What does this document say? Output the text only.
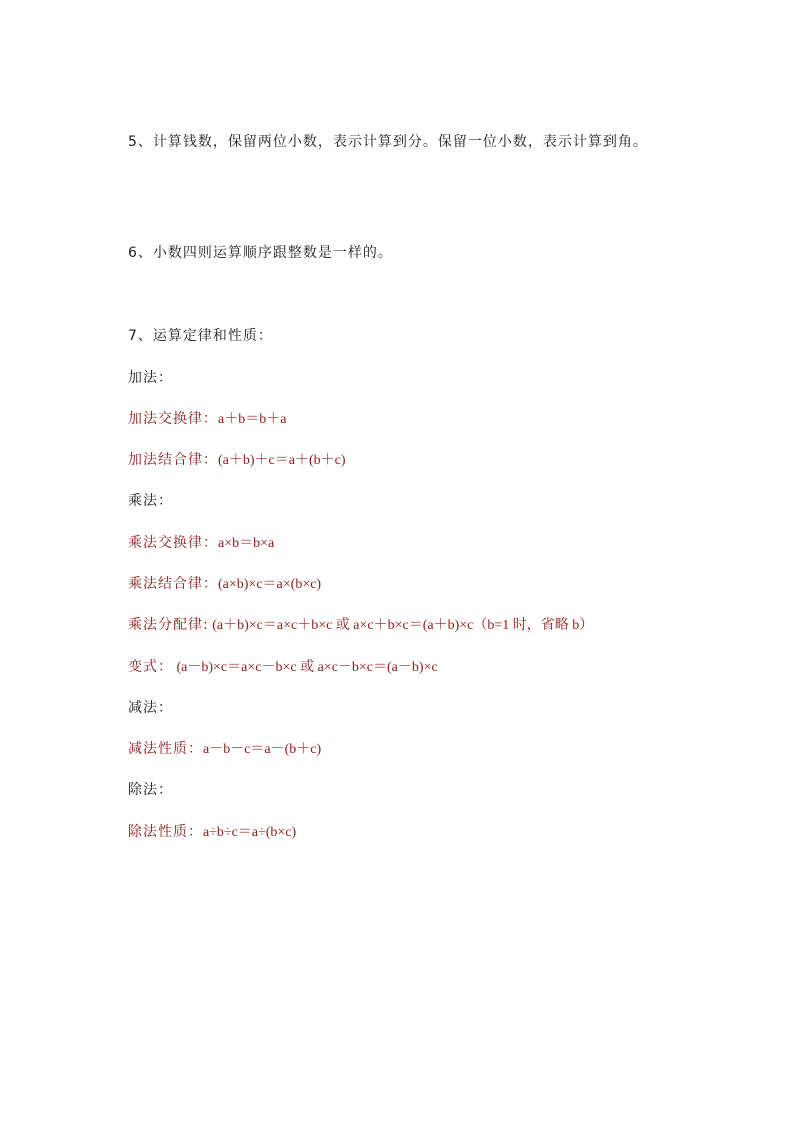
5、计算钱数，保留两位小数，表示计算到分。保留一位小数，表示计算到角。
6、小数四则运算顺序跟整数是一样的。
7、运算定律和性质：
加法：
加法交换律：a＋b＝b＋a
加法结合律：(a＋b)＋c＝a＋(b＋c)
乘法：
乘法交换律：a×b＝b×a
乘法结合律：(a×b)×c＝a×(b×c)
乘法分配律: (a＋b)×c＝a×c＋b×c 或 a×c＋b×c＝(a＋b)×c（b=1 时，省略 b）
变式： (a－b)×c＝a×c－b×c 或 a×c－b×c＝(a－b)×c
减法：
减法性质：a－b－c＝a－(b＋c)
除法：
除法性质：a÷b÷c＝a÷(b×c)
